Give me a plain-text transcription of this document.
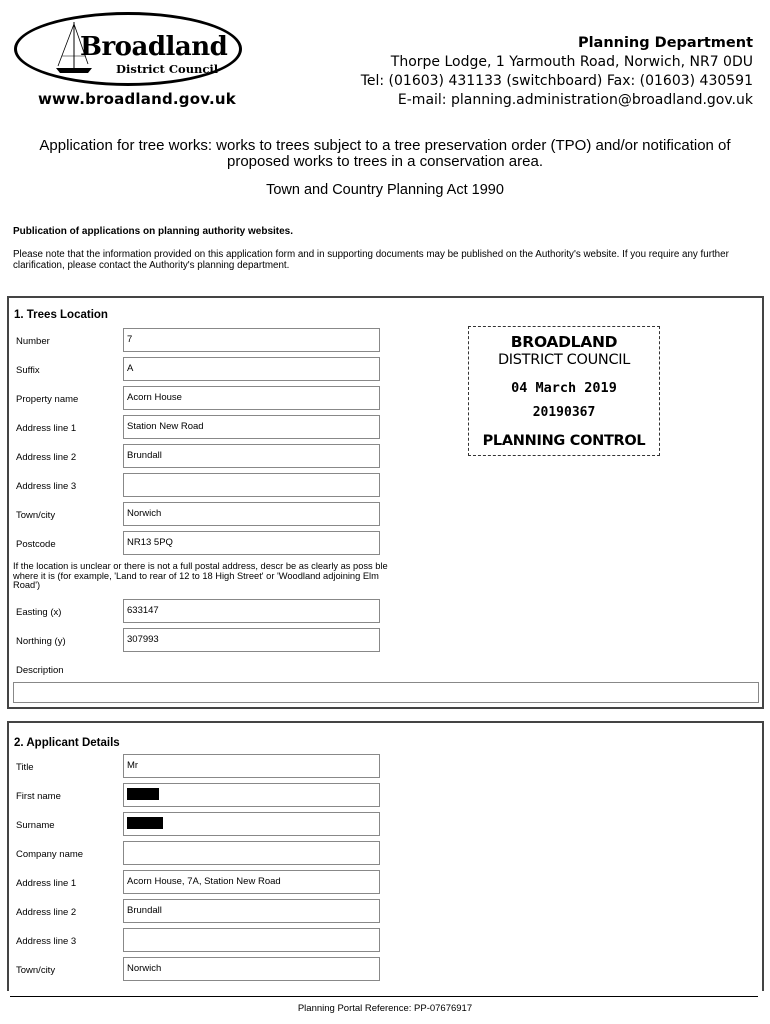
Broadland
District Council
www.broadland.gov.uk
Planning Department
Thorpe Lodge, 1 Yarmouth Road, Norwich, NR7 0DU
Tel: (01603) 431133 (switchboard) Fax: (01603) 430591
E-mail: planning.administration@broadland.gov.uk
Application for tree works: works to trees subject to a tree preservation order (TPO) and/or notification of
proposed works to trees in a conservation area.
Town and Country Planning Act 1990
Publication of applications on planning authority websites.
Please note that the information provided on this application form and in supporting documents may be published on the Authority's website. If you require any further clarification, please contact the Authority's planning department.
1. Trees Location
Number	7
Suffix	A
Property name	Acorn House
Address line 1	Station New Road
Address line 2	Brundall
Address line 3
Town/city	Norwich
Postcode	NR13 5PQ
If the location is unclear or there is not a full postal address, descr be as clearly as poss ble where it is (for example, 'Land to rear of 12 to 18 High Street' or 'Woodland adjoining Elm Road')
Easting (x)	633147
Northing (y)	307993
Description
BROADLAND
DISTRICT COUNCIL
04 March 2019
20190367
PLANNING CONTROL
2. Applicant Details
Title	Mr
First name
Surname
Company name
Address line 1	Acorn House, 7A, Station New Road
Address line 2	Brundall
Address line 3
Town/city	Norwich
Planning Portal Reference: PP-07676917
